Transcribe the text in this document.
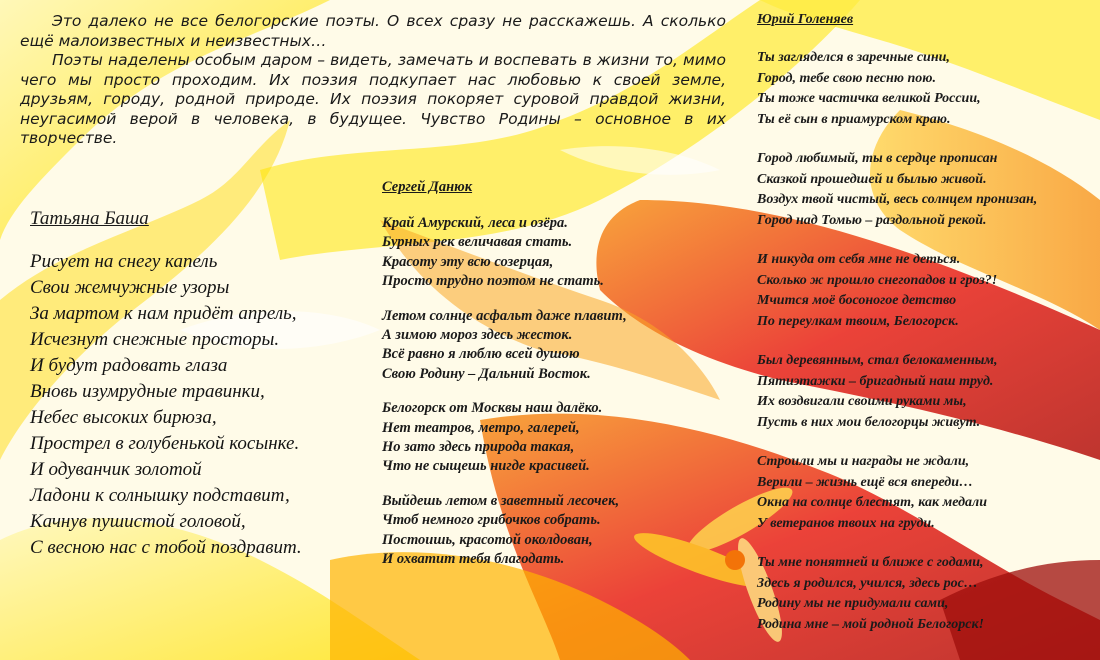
Это далеко не все белогорские поэты. О всех сразу не расскажешь. А сколько ещё малоизвестных и неизвестных…

Поэты наделены особым даром – видеть, замечать и воспевать в жизни то, мимо чего мы просто проходим. Их поэзия подкупает нас любовью к своей земле, друзьям, городу, родной природе. Их поэзия покоряет суровой правдой жизни, неугасимой верой в человека, в будущее. Чувство Родины – основное в их творчестве.

Татьяна Баша
Рисует на снегу капель
Свои жемчужные узоры
За мартом к нам придёт апрель,
Исчезнут снежные просторы.
И будут радовать глаза
Вновь изумрудные травинки,
Небес высоких бирюза,
Прострел в голубенькой косынке.
И одуванчик золотой
Ладони к солнышку подставит,
Качнув пушистой головой,
С весною нас с тобой поздравит.
Сергей Данюк
Край Амурский, леса и озёра.
Бурных рек величавая стать.
Красоту эту всю созерцая,
Просто трудно поэтом не стать.
Летом солнце асфальт даже плавит,
А зимою мороз здесь жесток.
Всё равно я люблю всей душою
Свою Родину – Дальний Восток.
Белогорск от Москвы наш далёко.
Нет театров, метро, галерей,
Но зато здесь природа такая,
Что не сыщешь нигде красивей.
Выйдешь летом в заветный лесочек,
Чтоб немного грибочков собрать.
Постоишь, красотой околдован,
И охватит тебя благодать.
Юрий Голеняев
Ты загляделся в заречные сини,
Город, тебе свою песню пою.
Ты тоже частичка великой России,
Ты её сын в приамурском краю.
Город любимый, ты в сердце прописан
Сказкой прошедшей и былью живой.
Воздух твой чистый, весь солнцем пронизан,
Город над Томью – раздольной рекой.
И никуда от себя мне не деться.
Сколько ж прошло снегопадов и гроз?!
Мчится моё босоногое детство
По переулкам твоим, Белогорск.
Был деревянным, стал белокаменным,
Пятиэтажки – бригадный наш труд.
Их воздвигали своими руками мы,
Пусть в них мои белогорцы живут.
Строили мы и награды не ждали,
Верили – жизнь ещё вся впереди…
Окна на солнце блестят, как медали
У ветеранов твоих на груди.
Ты мне понятней и ближе с годами,
Здесь я родился, учился, здесь рос…
Родину мы не придумали сами,
Родина мне – мой родной Белогорск!
